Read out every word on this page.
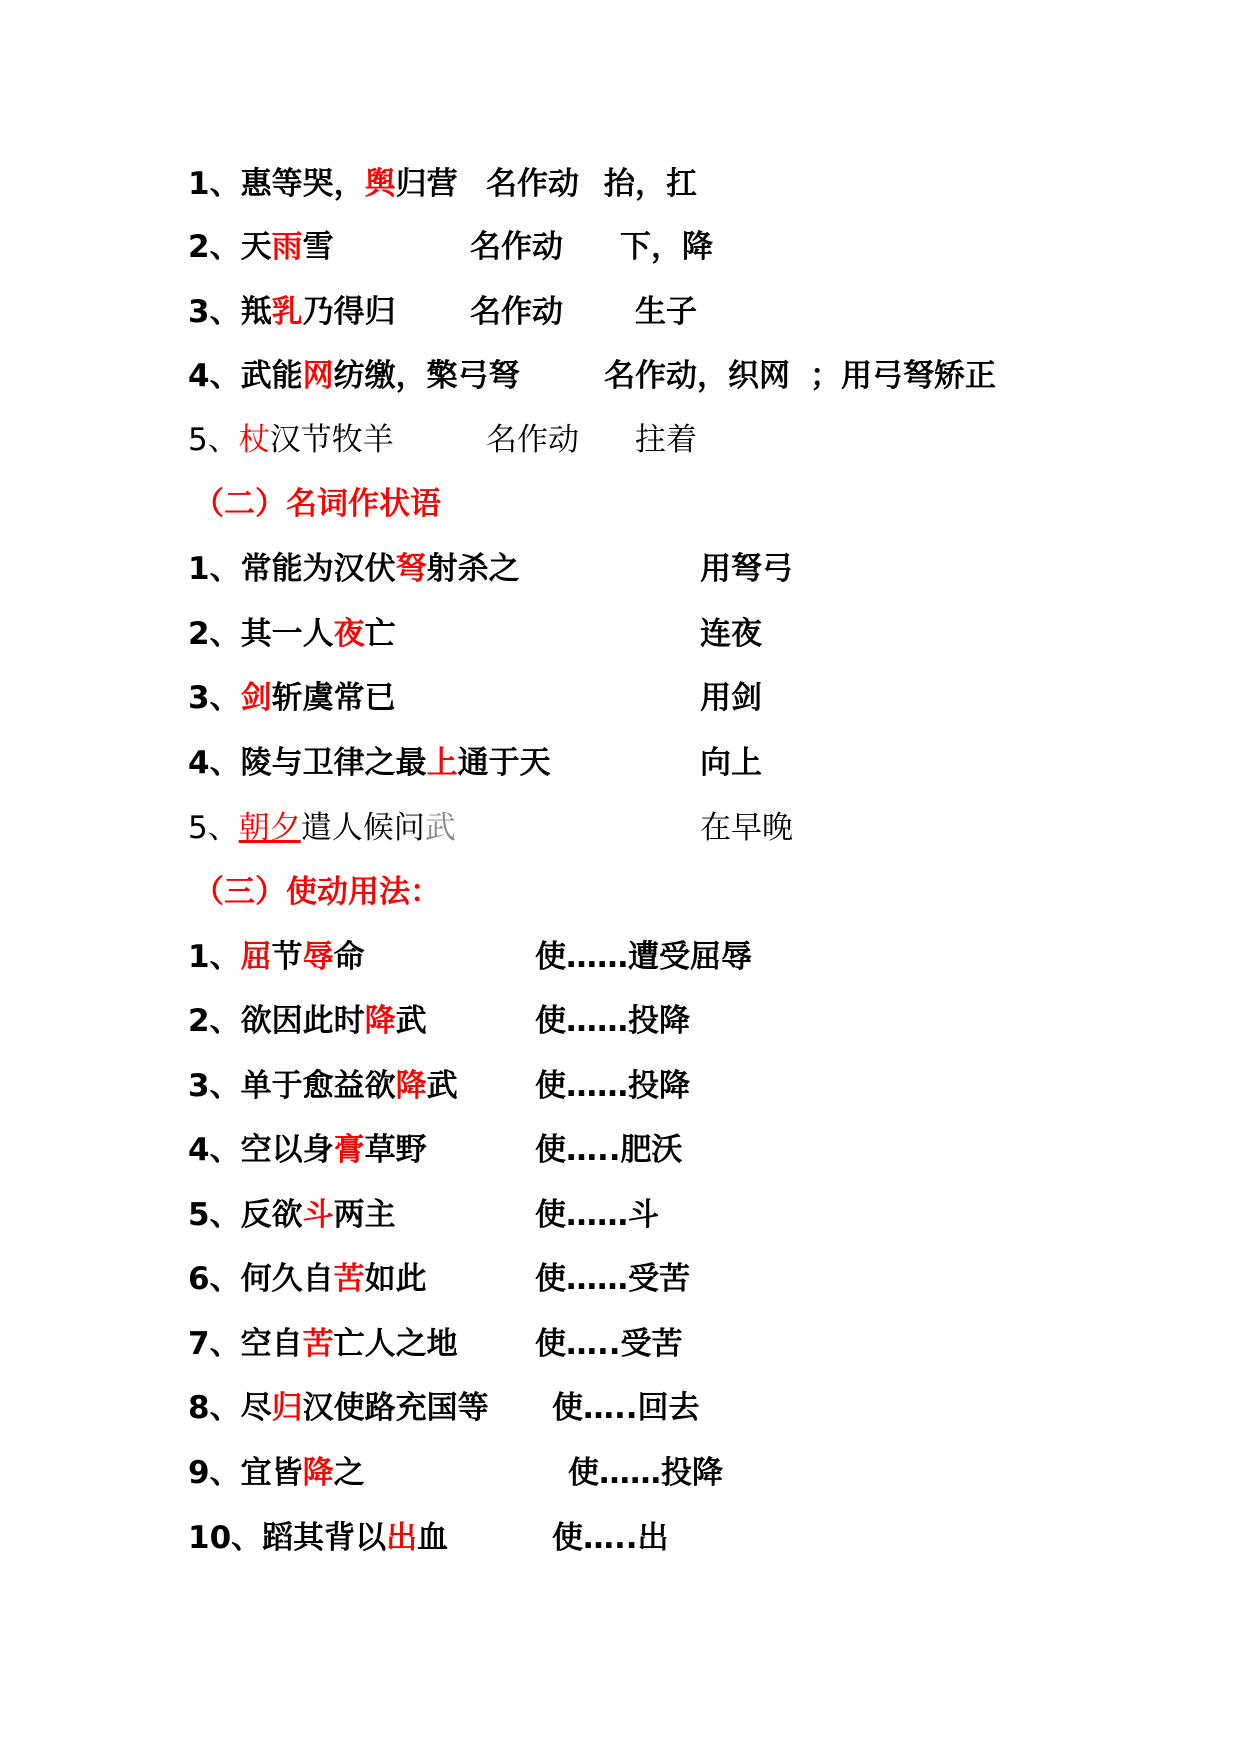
1、惠等哭，舆归营 名作动 抬，扛
2、天雨雪	名作动 下，降
3、羝乳乃得归 名作动 生子
4、武能网纺缴，檠弓弩	名作动，织网 ；用弓弩矫正
5、杖汉节牧羊	名作动 拄着
（二）名词作状语
1、常能为汉伏弩射杀之	用弩弓
2、其一人夜亡	连夜
3、剑斩虞常已	用剑
4、陵与卫律之最上通于天	向上
5、朝夕遣人候问武	在早晚
（三）使动用法：
1、屈节辱命	使……遭受屈辱
2、欲因此时降武	使……投降
3、单于愈益欲降武 使……投降
4、空以身膏草野	使…..肥沃
5、反欲斗两主	使……斗
6、何久自苦如此	使……受苦
7、空自苦亡人之地 使…..受苦
8、尽归汉使路充国等 使…..回去
9、宜皆降之	使……投降
10、蹈其背以出血	使…..出
